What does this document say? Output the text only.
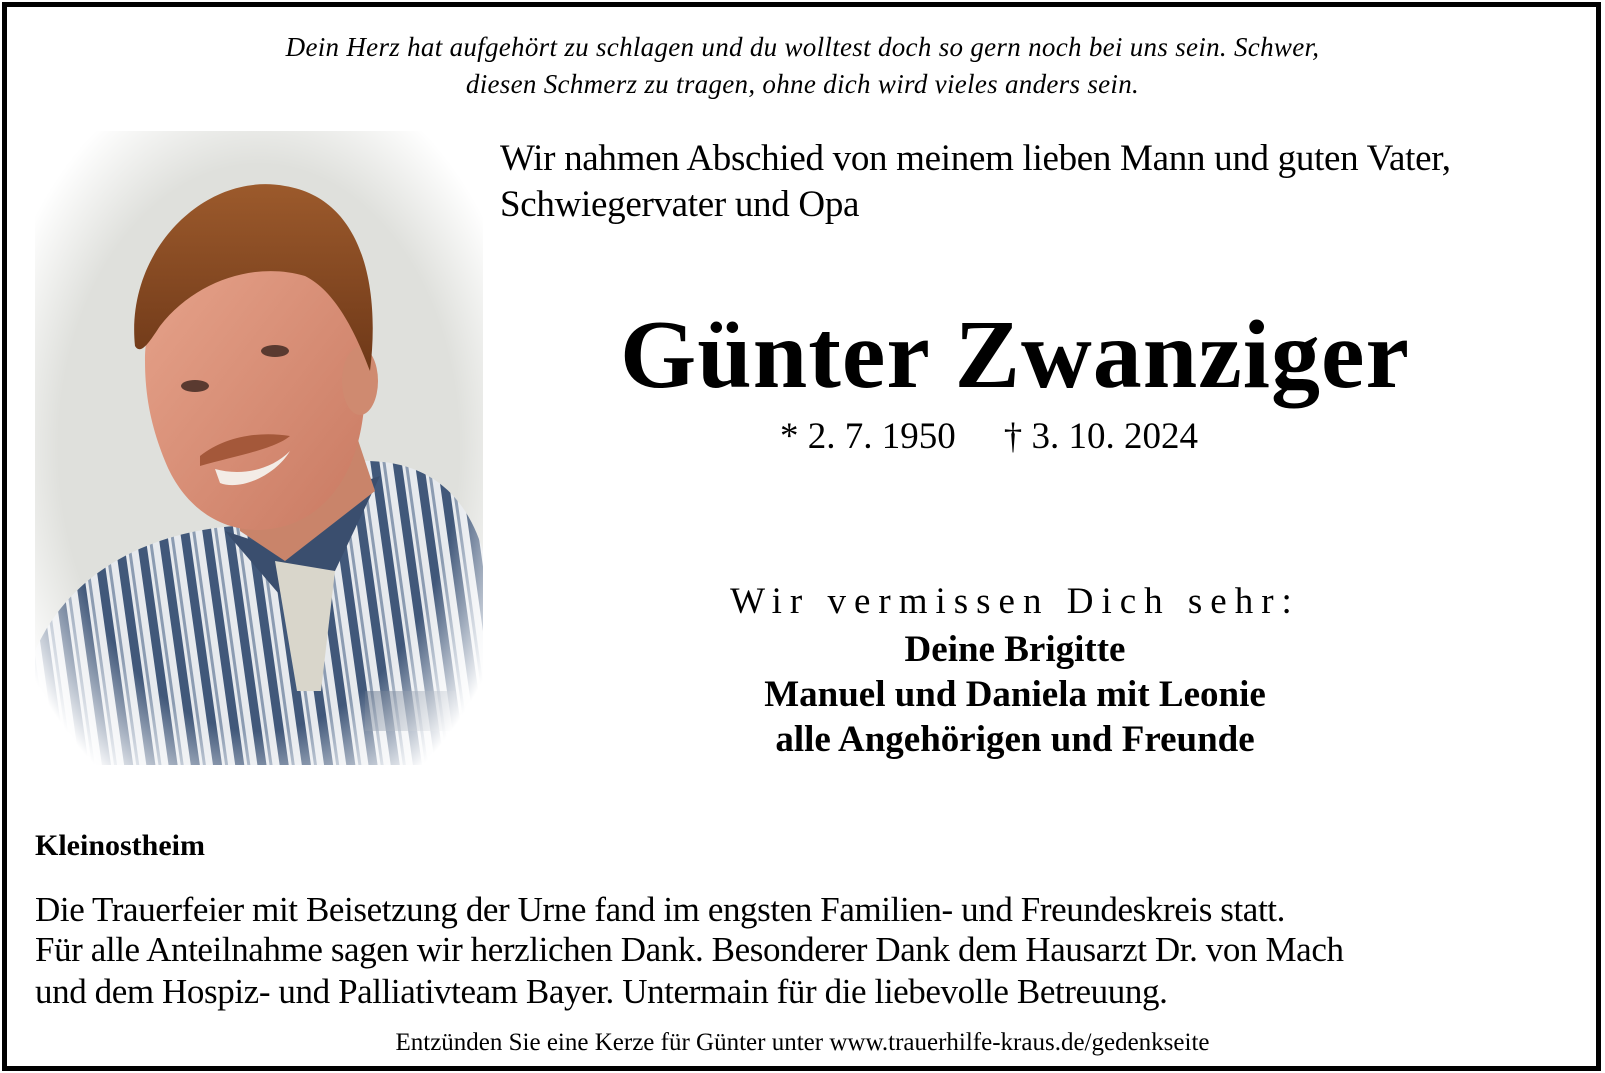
Dein Herz hat aufgehört zu schlagen und du wolltest doch so gern noch bei uns sein. Schwer,
diesen Schmerz zu tragen, ohne dich wird vieles anders sein.
Wir nahmen Abschied von meinem lieben Mann und guten Vater,
Schwiegervater und Opa
Günter Zwanziger
* 2. 7. 1950 † 3. 10. 2024
Wir vermissen Dich sehr:
Deine Brigitte
Manuel und Daniela mit Leonie
alle Angehörigen und Freunde
Kleinostheim
Die Trauerfeier mit Beisetzung der Urne fand im engsten Familien- und Freundeskreis statt.
Für alle Anteilnahme sagen wir herzlichen Dank. Besonderer Dank dem Hausarzt Dr. von Mach
und dem Hospiz- und Palliativteam Bayer. Untermain für die liebevolle Betreuung.
Entzünden Sie eine Kerze für Günter unter www.trauerhilfe-kraus.de/gedenkseite
